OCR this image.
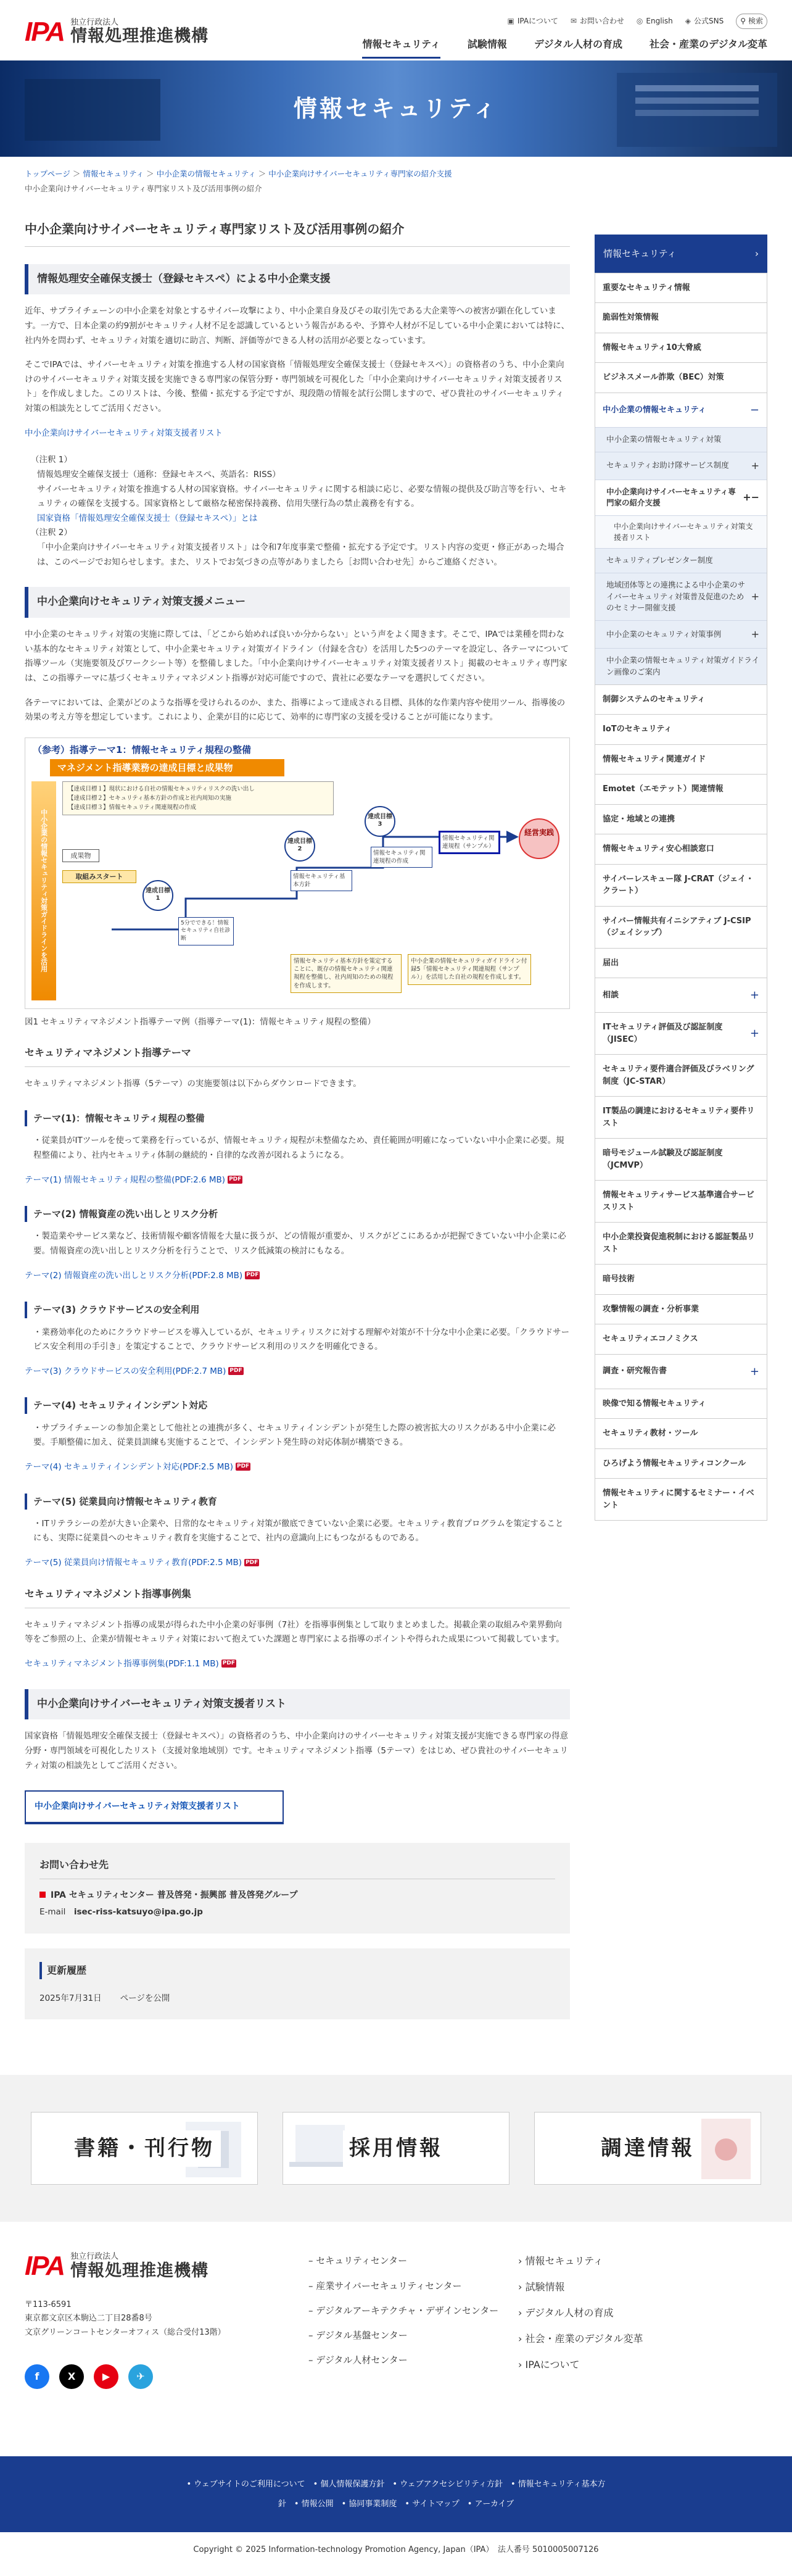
IPA 独立行政法人
情報処理推進機構
▣ IPAについて ✉ お問い合わせ ◎ English ◈ 公式SNS ⚲ 検索
情報セキュリティ	試験情報	デジタル人材の育成	社会・産業のデジタル変革
情報セキュリティ
トップページ ＞ 情報セキュリティ ＞ 中小企業の情報セキュリティ ＞ 中小企業向けサイバーセキュリティ専門家の紹介支援
中小企業向けサイバーセキュリティ専門家リスト及び活用事例の紹介
中小企業向けサイバーセキュリティ専門家リスト及び活用事例の紹介
情報処理安全確保支援士（登録セキスペ）による中小企業支援

近年、サプライチェーンの中小企業を対象とするサイバー攻撃により、中小企業自身及びその取引先である大企業等への被害が顕在化しています。一方で、日本企業の約9割がセキュリティ人材不足を認識しているという報告があるや、予算や人材が不足している中小企業においては特に、社内外を問わず、セキュリティ対策を適切に助言、判断、評価等ができる人材の活用が必要となっています。

そこでIPAでは、サイバーセキュリティ対策を推進する人材の国家資格「情報処理安全確保支援士（登録セキスペ）」の資格者のうち、中小企業向けのサイバーセキュリティ対策支援を実施できる専門家の保管分野・専門領域を可視化した「中小企業向けサイバーセキュリティ対策支援者リスト」を作成しました。このリストは、今後、整備・拡充する予定ですが、現段階の情報を試行公開しますので、ぜひ貴社のサイバーセキュリティ対策の相談先としてご活用ください。

中小企業向けサイバーセキュリティ対策支援者リスト
（注釈 1）
情報処理安全確保支援士（通称：登録セキスペ、英語名：RISS）
サイバーセキュリティ対策を推進する人材の国家資格。サイバーセキュリティに関する相談に応じ、必要な情報の提供及び助言等を行い、セキュリティの確保を支援する。国家資格として厳格な秘密保持義務、信用失墜行為の禁止義務を有する。
国家資格「情報処理安全確保支援士（登録セキスペ）」とは
（注釈 2）
「中小企業向けサイバーセキュリティ対策支援者リスト」は令和7年度事業で整備・拡充する予定です。リスト内容の変更・修正があった場合は、このページでお知らせします。また、リストでお気づきの点等がありましたら［お問い合わせ先］からご連絡ください。
中小企業向けセキュリティ対策支援メニュー

中小企業のセキュリティ対策の実施に際しては、「どこから始めれば良いか分からない」という声をよく聞きます。そこで、IPAでは業種を問わない基本的なセキュリティ対策として、中小企業セキュリティ対策ガイドライン（付録を含む）を活用した5つのテーマを設定し、各テーマについて指導ツール（実施要領及びワークシート等）を整備しました。「中小企業向けサイバーセキュリティ対策支援者リスト」掲載のセキュリティ専門家は、この指導テーマに基づくセキュリティマネジメント指導が対応可能ですので、貴社に必要なテーマを選択してください。

各テーマにおいては、企業がどのような指導を受けられるのか、また、指導によって達成される目標、具体的な作業内容や使用ツール、指導後の効果の考え方等を想定しています。これにより、企業が目的に応じて、効率的に専門家の支援を受けることが可能になります。

（参考）指導テーマ1：情報セキュリティ規程の整備
マネジメント指導業務の達成目標と成果物
【達成目標１】現状における自社の情報セキュリティリスクの洗い出し
【達成目標２】セキュリティ基本方針の作成と社内周知の実施
【達成目標３】情報セキュリティ関連規程の作成
中小企業の情報セキュリティ対策ガイドラインを活用	成果物
取組みスタート
達成目標1
達成目標2
達成目標3
経営実践
5分でできる！情報セキュリティ自社診断
情報セキュリティ基本方針
情報セキュリティ関連規程の作成
情報セキュリティ関連規程（サンプル）
情報セキュリティ基本方針を策定することに、既存の情報セキュリティ関連規程を整備し、社内周知のための規程を作成します。
中小企業の情報セキュリティガイドライン付録5「情報セキュリティ関連規程（サンプル）」を活用した自社の規程を作成します。

図1 セキュリティマネジメント指導テーマ例（指導テーマ(1)：情報セキュリティ規程の整備）

セキュリティマネジメント指導テーマ

セキュリティマネジメント指導（5テーマ）の実施要領は以下からダウンロードできます。

テーマ(1)：情報セキュリティ規程の整備
・従業員がITツールを使って業務を行っているが、情報セキュリティ規程が未整備なため、責任範囲が明確になっていない中小企業に必要。規程整備により、社内セキュリティ体制の継続的・自律的な改善が図れるようになる。
テーマ(1) 情報セキュリティ規程の整備(PDF:2.6 MB) PDF
テーマ(2) 情報資産の洗い出しとリスク分析
・製造業やサービス業など、技術情報や顧客情報を大量に扱うが、どの情報が重要か、リスクがどこにあるかが把握できていない中小企業に必要。情報資産の洗い出しとリスク分析を行うことで、リスク低減策の検討にもなる。
テーマ(2) 情報資産の洗い出しとリスク分析(PDF:2.8 MB) PDF
テーマ(3) クラウドサービスの安全利用
・業務効率化のためにクラウドサービスを導入しているが、セキュリティリスクに対する理解や対策が不十分な中小企業に必要。「クラウドサービス安全利用の手引き」を策定することで、クラウドサービス利用のリスクを明確化できる。
テーマ(3) クラウドサービスの安全利用(PDF:2.7 MB) PDF
テーマ(4) セキュリティインシデント対応
・サプライチェーンの参加企業として他社との連携が多く、セキュリティインシデントが発生した際の被害拡大のリスクがある中小企業に必要。手順整備に加え、従業員訓練も実施することで、インシデント発生時の対応体制が構築できる。
テーマ(4) セキュリティインシデント対応(PDF:2.5 MB) PDF
テーマ(5) 従業員向け情報セキュリティ教育
・ITリテラシーの差が大きい企業や、日常的なセキュリティ対策が徹底できていない企業に必要。セキュリティ教育プログラムを策定することにも、実際に従業員へのセキュリティ教育を実施することで、社内の意識向上にもつながるものである。
テーマ(5) 従業員向け情報セキュリティ教育(PDF:2.5 MB) PDF
セキュリティマネジメント指導事例集

セキュリティマネジメント指導の成果が得られた中小企業の好事例（7社）を指導事例集として取りまとめました。掲載企業の取組みや業界動向等をご参照の上、企業が情報セキュリティ対策において抱えていた課題と専門家による指導のポイントや得られた成果について掲載しています。

セキュリティマネジメント指導事例集(PDF:1.1 MB) PDF
中小企業向けサイバーセキュリティ対策支援者リスト

国家資格「情報処理安全確保支援士（登録セキスペ）」の資格者のうち、中小企業向けのサイバーセキュリティ対策支援が実施できる専門家の得意分野・専門領域を可視化したリスト（支援対象地域別）です。セキュリティマネジメント指導（5テーマ）をはじめ、ぜひ貴社のサイバーセキュリティ対策の相談先としてご活用ください。

中小企業向けサイバーセキュリティ対策支援者リスト
お問い合わせ先
IPA セキュリティセンター 普及啓発・振興部 普及啓発グループ
E-mail　 isec-riss-katsuyo@ipa.go.jp
更新履歴
2025年7月31日 ページを公開
情報セキュリティ	›
重要なセキュリティ情報
脆弱性対策情報
情報セキュリティ10大脅威
ビジネスメール詐欺（BEC）対策
中小企業の情報セキュリティ	−
中小企業の情報セキュリティ対策
セキュリティお助け隊サービス制度 +
中小企業向けサイバーセキュリティ専門家の紹介支援	+ −
中小企業向けサイバーセキュリティ対策支援者リスト
セキュリティプレゼンター制度
地域団体等との連携による中小企業のサイバーセキュリティ対策普及促進のためのセミナー開催支援
+
中小企業のセキュリティ対策事例	+
中小企業の情報セキュリティ対策ガイドライン画像のご案内
制御システムのセキュリティ
IoTのセキュリティ
情報セキュリティ関連ガイド
Emotet（エモテット）関連情報
協定・地域との連携
情報セキュリティ安心相談窓口
サイバーレスキュー隊 J-CRAT（ジェイ・クラート）
サイバー情報共有イニシアティブ J-CSIP（ジェイシップ）
届出
相談	+
ITセキュリティ評価及び認証制度（JISEC）	+
セキュリティ要件適合評価及びラベリング制度（JC-STAR）
IT製品の調達におけるセキュリティ要件リスト
暗号モジュール試験及び認証制度（JCMVP）
情報セキュリティサービス基準適合サービスリスト
中小企業投資促進税制における認証製品リスト
暗号技術
攻撃情報の調査・分析事業
セキュリティエコノミクス
調査・研究報告書	+
映像で知る情報セキュリティ
セキュリティ教材・ツール
ひろげよう情報セキュリティコンクール
情報セキュリティに関するセミナー・イベント
書籍・刊行物	採用情報	調達情報
IPA 独立行政法人
情報処理推進機構
〒113-6591
東京都文京区本駒込二丁目28番8号
文京グリーンコートセンターオフィス（総合受付13階）
f	X	▶	✈
– セキュリティセンター
– 産業サイバーセキュリティセンター
– デジタルアーキテクチャ・デザインセンター
– デジタル基盤センター
– デジタル人材センター
› 情報セキュリティ
› 試験情報
› デジタル人材の育成
› 社会・産業のデジタル変革
› IPAについて
• ウェブサイトのご利用について　• 個人情報保護方針　• ウェブアクセシビリティ方針　• 情報セキュリティ基本方針　• 情報公開　• 協同事業制度　• サイトマップ　• アーカイブ
Copyright © 2025 Information-technology Promotion Agency, Japan（IPA）　法人番号 5010005007126
